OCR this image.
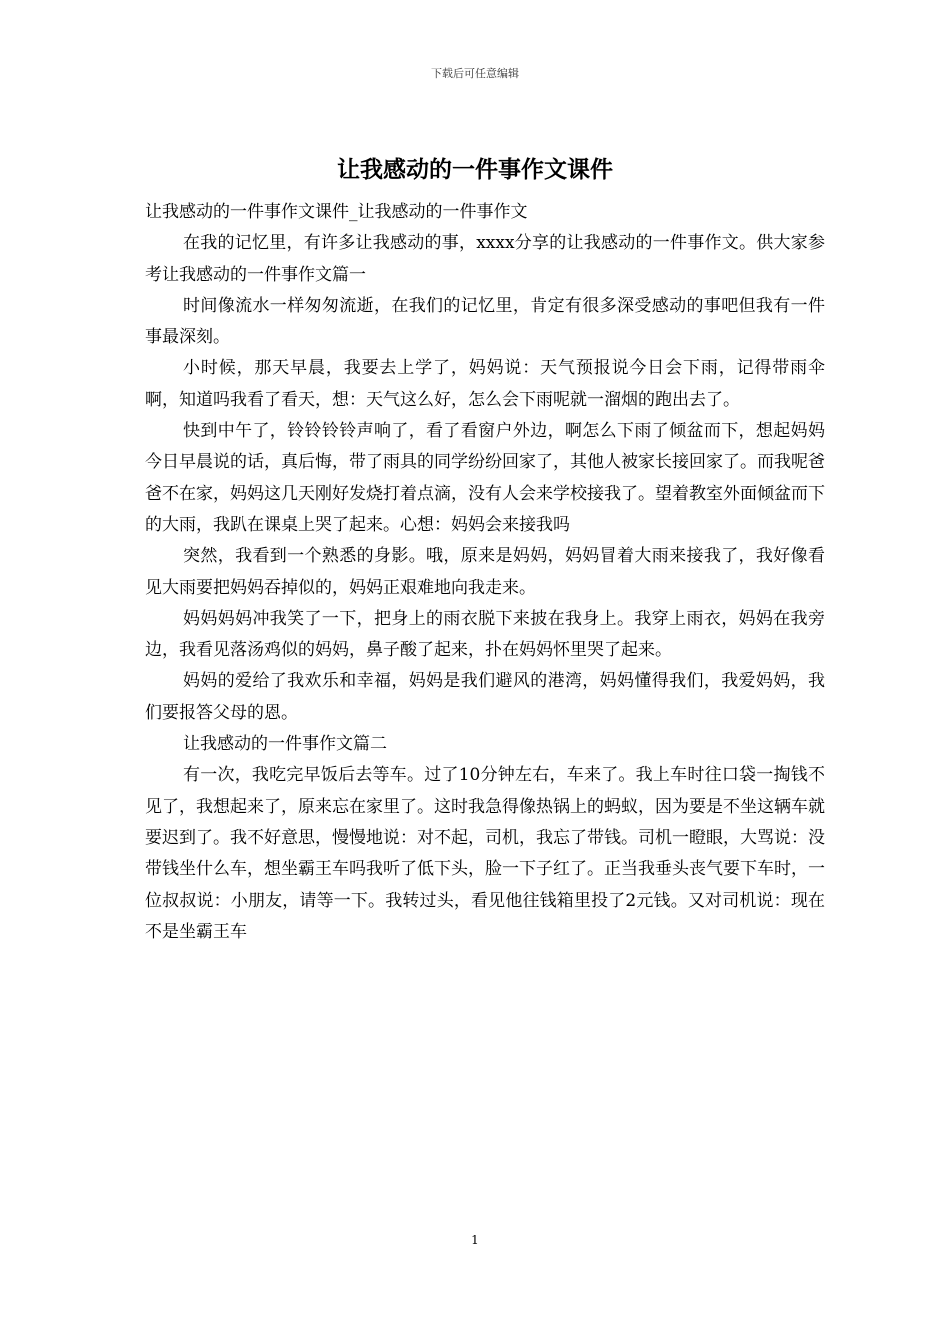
下载后可任意编辑
让我感动的一件事作文课件

让我感动的一件事作文课件_让我感动的一件事作文

在我的记忆里，有许多让我感动的事，xxxx分享的让我感动的一件事作文。供大家参考让我感动的一件事作文篇一

时间像流水一样匆匆流逝，在我们的记忆里，肯定有很多深受感动的事吧但我有一件事最深刻。

小时候，那天早晨，我要去上学了，妈妈说：天气预报说今日会下雨，记得带雨伞啊，知道吗我看了看天，想：天气这么好，怎么会下雨呢就一溜烟的跑出去了。

快到中午了，铃铃铃铃声响了，看了看窗户外边，啊怎么下雨了倾盆而下，想起妈妈今日早晨说的话，真后悔，带了雨具的同学纷纷回家了，其他人被家长接回家了。而我呢爸爸不在家，妈妈这几天刚好发烧打着点滴，没有人会来学校接我了。望着教室外面倾盆而下的大雨，我趴在课桌上哭了起来。心想：妈妈会来接我吗

突然，我看到一个熟悉的身影。哦，原来是妈妈，妈妈冒着大雨来接我了，我好像看见大雨要把妈妈吞掉似的，妈妈正艰难地向我走来。

妈妈妈妈冲我笑了一下，把身上的雨衣脱下来披在我身上。我穿上雨衣，妈妈在我旁边，我看见落汤鸡似的妈妈，鼻子酸了起来，扑在妈妈怀里哭了起来。

妈妈的爱给了我欢乐和幸福，妈妈是我们避风的港湾，妈妈懂得我们，我爱妈妈，我们要报答父母的恩。

让我感动的一件事作文篇二

有一次，我吃完早饭后去等车。过了10分钟左右，车来了。我上车时往口袋一掏钱不见了，我想起来了，原来忘在家里了。这时我急得像热锅上的蚂蚁，因为要是不坐这辆车就要迟到了。我不好意思，慢慢地说：对不起，司机，我忘了带钱。司机一瞪眼，大骂说：没带钱坐什么车，想坐霸王车吗我听了低下头，脸一下子红了。正当我垂头丧气要下车时，一位叔叔说：小朋友，请等一下。我转过头，看见他往钱箱里投了2元钱。又对司机说：现在不是坐霸王车

1
